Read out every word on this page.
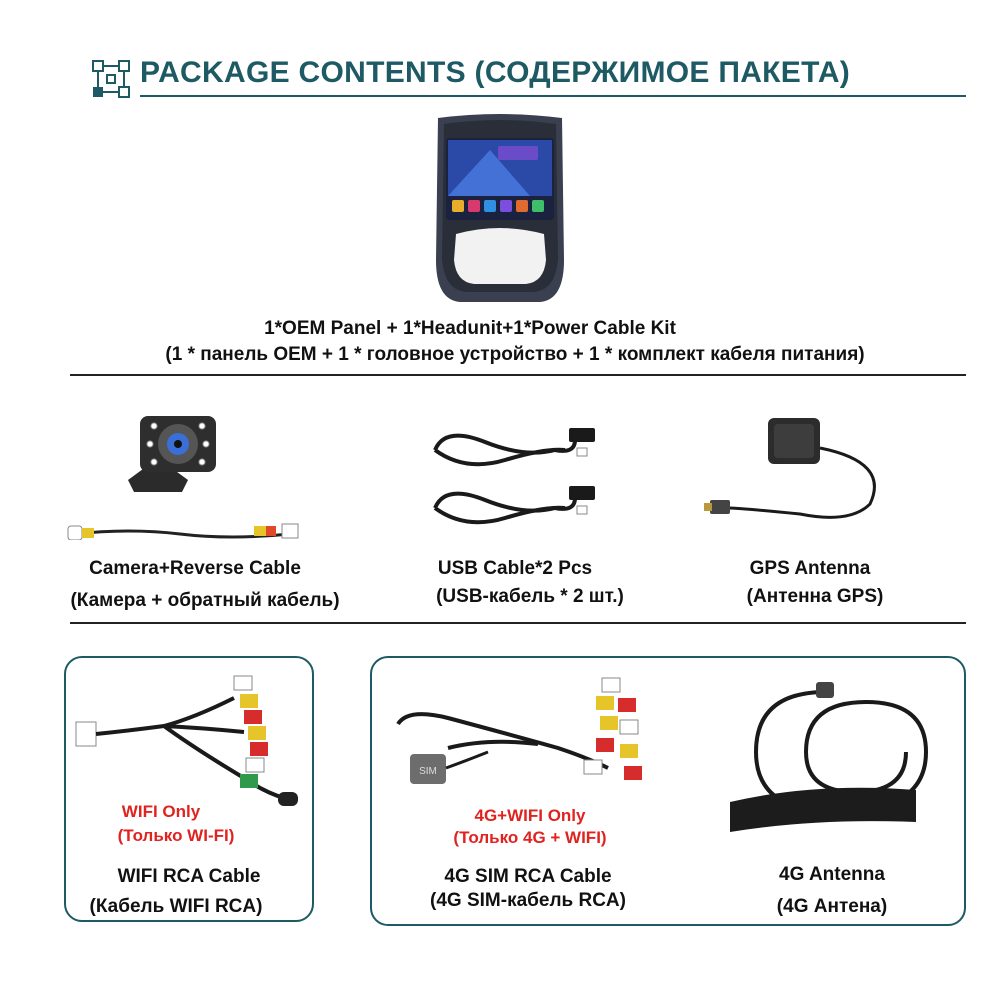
PACKAGE CONTENTS (СОДЕРЖИМОЕ ПАКЕТА)
1*OEM Panel + 1*Headunit+1*Power Cable Kit
(1 * панель OEM + 1 * головное устройство + 1 * комплект кабеля питания)
Camera+Reverse Cable
(Камера + обратный кабель)
USB Cable*2 Pcs
(USB-кабель * 2 шт.)
GPS Antenna
(Антенна GPS)
WIFI Only
(Только WI-FI)
WIFI RCA Cable
(Кабель WIFI RCA)
SIM
4G+WIFI Only
(Только 4G + WIFI)
4G SIM RCA Cable
(4G SIM-кабель RCA)
4G Antenna
(4G Антена)
